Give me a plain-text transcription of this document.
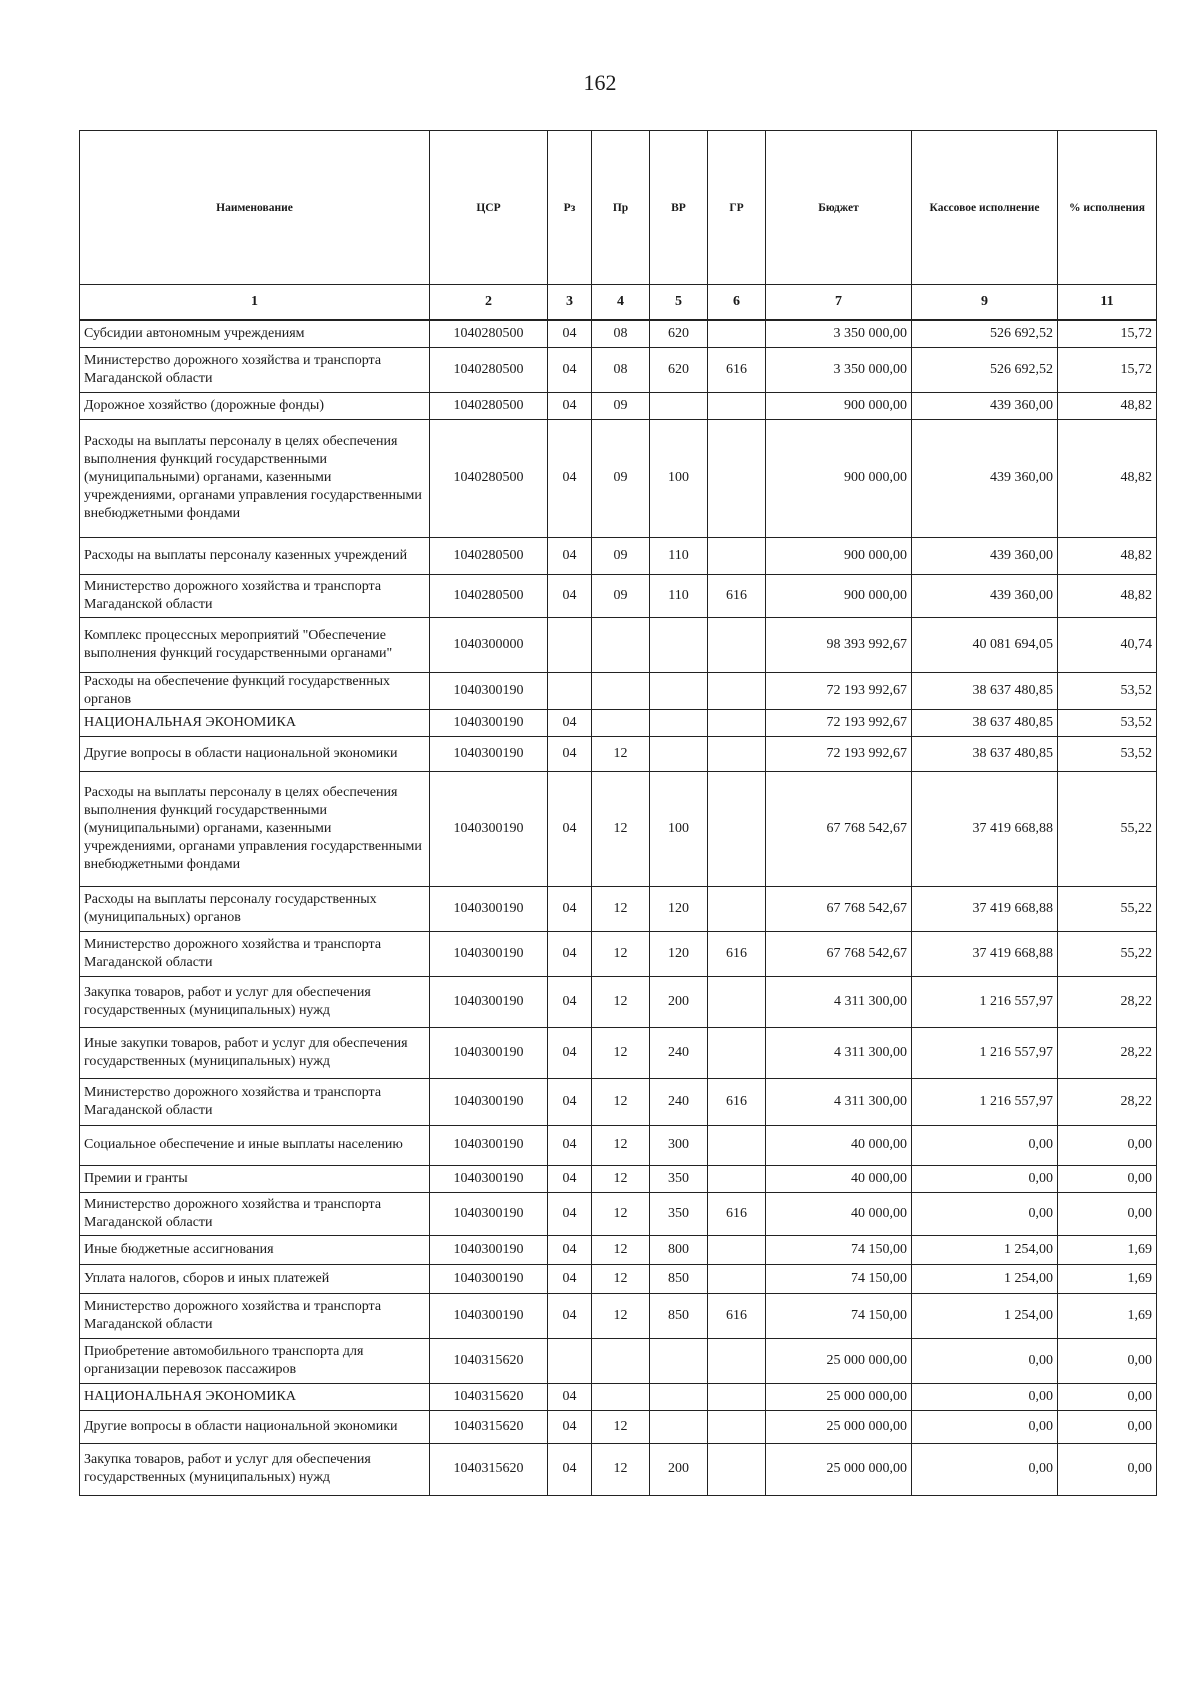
162
Наименование	ЦСР	Рз	Пр	ВР	ГР	Бюджет	Кассовое исполнение	% исполнения
1	2	3	4	5	6	7	9	11
Субсидии автономным учреждениям	1040280500	04	08	620		3 350 000,00	526 692,52	15,72
Министерство дорожного хозяйства и транспорта Магаданской области	1040280500	04	08	620	616	3 350 000,00	526 692,52	15,72
Дорожное хозяйство (дорожные фонды)	1040280500	04	09			900 000,00	439 360,00	48,82
Расходы на выплаты персоналу в целях обеспечения выполнения функций государственными (муниципальными) органами, казенными учреждениями, органами управления государственными внебюджетными фондами	1040280500	04	09	100		900 000,00	439 360,00	48,82
Расходы на выплаты персоналу казенных учреждений	1040280500	04	09	110		900 000,00	439 360,00	48,82
Министерство дорожного хозяйства и транспорта Магаданской области	1040280500	04	09	110	616	900 000,00	439 360,00	48,82
Комплекс процессных мероприятий "Обеспечение выполнения функций государственными органами"	1040300000					98 393 992,67	40 081 694,05	40,74
Расходы на обеспечение функций государственных органов	1040300190					72 193 992,67	38 637 480,85	53,52
НАЦИОНАЛЬНАЯ ЭКОНОМИКА	1040300190	04				72 193 992,67	38 637 480,85	53,52
Другие вопросы в области национальной экономики	1040300190	04	12			72 193 992,67	38 637 480,85	53,52
Расходы на выплаты персоналу в целях обеспечения выполнения функций государственными (муниципальными) органами, казенными учреждениями, органами управления государственными внебюджетными фондами	1040300190	04	12	100		67 768 542,67	37 419 668,88	55,22
Расходы на выплаты персоналу государственных (муниципальных) органов	1040300190	04	12	120		67 768 542,67	37 419 668,88	55,22
Министерство дорожного хозяйства и транспорта Магаданской области	1040300190	04	12	120	616	67 768 542,67	37 419 668,88	55,22
Закупка товаров, работ и услуг для обеспечения государственных (муниципальных) нужд	1040300190	04	12	200		4 311 300,00	1 216 557,97	28,22
Иные закупки товаров, работ и услуг для обеспечения государственных (муниципальных) нужд	1040300190	04	12	240		4 311 300,00	1 216 557,97	28,22
Министерство дорожного хозяйства и транспорта Магаданской области	1040300190	04	12	240	616	4 311 300,00	1 216 557,97	28,22
Социальное обеспечение и иные выплаты населению	1040300190	04	12	300		40 000,00	0,00	0,00
Премии и гранты	1040300190	04	12	350		40 000,00	0,00	0,00
Министерство дорожного хозяйства и транспорта Магаданской области	1040300190	04	12	350	616	40 000,00	0,00	0,00
Иные бюджетные ассигнования	1040300190	04	12	800		74 150,00	1 254,00	1,69
Уплата налогов, сборов и иных платежей	1040300190	04	12	850		74 150,00	1 254,00	1,69
Министерство дорожного хозяйства и транспорта Магаданской области	1040300190	04	12	850	616	74 150,00	1 254,00	1,69
Приобретение автомобильного транспорта для организации перевозок пассажиров	1040315620					25 000 000,00	0,00	0,00
НАЦИОНАЛЬНАЯ ЭКОНОМИКА	1040315620	04				25 000 000,00	0,00	0,00
Другие вопросы в области национальной экономики	1040315620	04	12			25 000 000,00	0,00	0,00
Закупка товаров, работ и услуг для обеспечения государственных (муниципальных) нужд	1040315620	04	12	200		25 000 000,00	0,00	0,00
